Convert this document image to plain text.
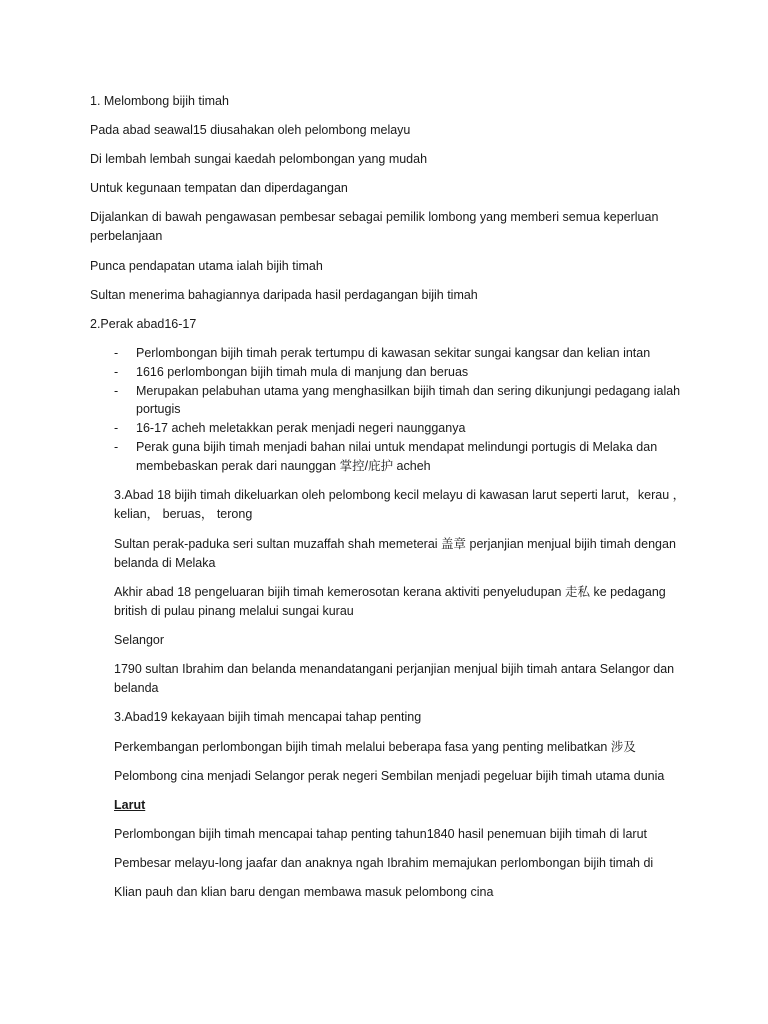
1. Melombong bijih timah

Pada abad seawal15 diusahakan oleh pelombong melayu

Di lembah lembah sungai kaedah pelombongan yang mudah

Untuk kegunaan tempatan dan diperdagangan

Dijalankan di bawah pengawasan pembesar sebagai pemilik lombong yang memberi semua keperluan perbelanjaan

Punca pendapatan utama ialah bijih timah

Sultan menerima bahagiannya daripada hasil perdagangan bijih timah

2.Perak abad16-17

- Perlombongan bijih timah perak tertumpu di kawasan sekitar sungai kangsar dan kelian intan
- 1616 perlombongan bijih timah mula di manjung dan beruas
- Merupakan pelabuhan utama yang menghasilkan bijih timah dan sering dikunjungi pedagang ialah portugis
- 16-17 acheh meletakkan perak menjadi negeri naungganya
- Perak guna bijih timah menjadi bahan nilai untuk mendapat melindungi portugis di Melaka dan membebaskan perak dari naunggan 掌控/庇护 acheh

3.Abad 18 bijih timah dikeluarkan oleh pelombong kecil melayu di kawasan larut seperti larut，kerau ，kelian， beruas， terong

Sultan perak-paduka seri sultan muzaffah shah memeterai 盖章 perjanjian menjual bijih timah dengan belanda di Melaka

Akhir abad 18 pengeluaran bijih timah kemerosotan kerana aktiviti penyeludupan 走私 ke pedagang british di pulau pinang melalui sungai kurau

Selangor

1790 sultan Ibrahim dan belanda menandatangani perjanjian menjual bijih timah antara Selangor dan belanda

3.Abad19 kekayaan bijih timah mencapai tahap penting

Perkembangan perlombongan bijih timah melalui beberapa fasa yang penting melibatkan 涉及

Pelombong cina menjadi Selangor perak negeri Sembilan menjadi pegeluar bijih timah utama dunia

Larut

Perlombongan bijih timah mencapai tahap penting tahun1840 hasil penemuan bijih timah di larut

Pembesar melayu-long jaafar dan anaknya ngah Ibrahim memajukan perlombongan bijih timah di

Klian pauh dan klian baru dengan membawa masuk pelombong cina
